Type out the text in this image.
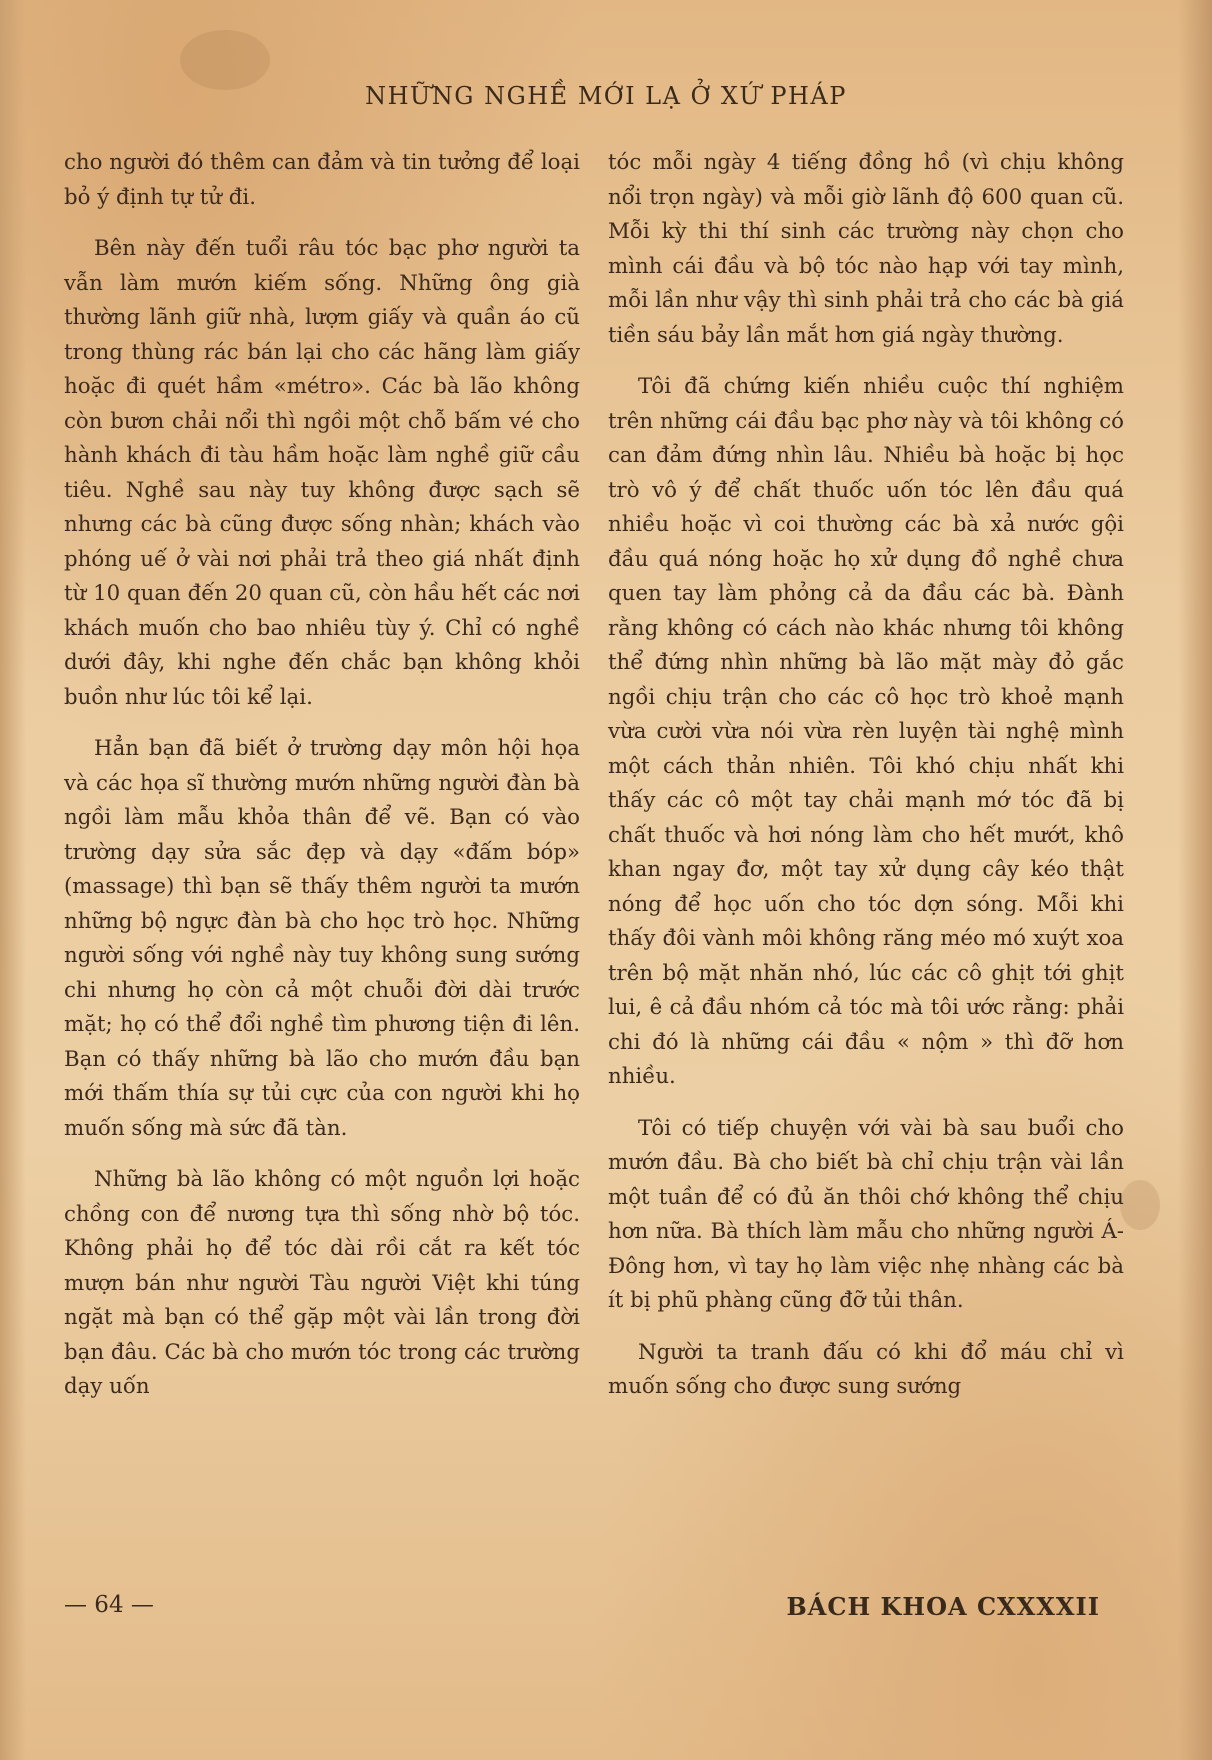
NHỮNG NGHỀ MỚI LẠ Ở XỨ PHÁP

cho người đó thêm can đảm và tin tưởng để loại bỏ ý định tự tử đi.

Bên này đến tuổi râu tóc bạc phơ người ta vẫn làm mướn kiếm sống. Những ông già thường lãnh giữ nhà, lượm giấy và quần áo cũ trong thùng rác bán lại cho các hãng làm giấy hoặc đi quét hầm «métro». Các bà lão không còn bươn chải nổi thì ngồi một chỗ bấm vé cho hành khách đi tàu hầm hoặc làm nghề giữ cầu tiêu. Nghề sau này tuy không được sạch sẽ nhưng các bà cũng được sống nhàn; khách vào phóng uế ở vài nơi phải trả theo giá nhất định từ 10 quan đến 20 quan cũ, còn hầu hết các nơi khách muốn cho bao nhiêu tùy ý. Chỉ có nghề dưới đây, khi nghe đến chắc bạn không khỏi buồn như lúc tôi kể lại.

Hẳn bạn đã biết ở trường dạy môn hội họa và các họa sĩ thường mướn những người đàn bà ngồi làm mẫu khỏa thân để vẽ. Bạn có vào trường dạy sửa sắc đẹp và dạy «đấm bóp» (massage) thì bạn sẽ thấy thêm người ta mướn những bộ ngực đàn bà cho học trò học. Những người sống với nghề này tuy không sung sướng chi nhưng họ còn cả một chuỗi đời dài trước mặt; họ có thể đổi nghề tìm phương tiện đi lên. Bạn có thấy những bà lão cho mướn đầu bạn mới thấm thía sự tủi cực của con người khi họ muốn sống mà sức đã tàn.

Những bà lão không có một nguồn lợi hoặc chồng con để nương tựa thì sống nhờ bộ tóc. Không phải họ để tóc dài rồi cắt ra kết tóc mượn bán như người Tàu người Việt khi túng ngặt mà bạn có thể gặp một vài lần trong đời bạn đâu. Các bà cho mướn tóc trong các trường dạy uốn

tóc mỗi ngày 4 tiếng đồng hồ (vì chịu không nổi trọn ngày) và mỗi giờ lãnh độ 600 quan cũ. Mỗi kỳ thi thí sinh các trường này chọn cho mình cái đầu và bộ tóc nào hạp với tay mình, mỗi lần như vậy thì sinh phải trả cho các bà giá tiền sáu bảy lần mắt hơn giá ngày thường.

Tôi đã chứng kiến nhiều cuộc thí nghiệm trên những cái đầu bạc phơ này và tôi không có can đảm đứng nhìn lâu. Nhiều bà hoặc bị học trò vô ý để chất thuốc uốn tóc lên đầu quá nhiều hoặc vì coi thường các bà xả nước gội đầu quá nóng hoặc họ xử dụng đồ nghề chưa quen tay làm phỏng cả da đầu các bà. Đành rằng không có cách nào khác nhưng tôi không thể đứng nhìn những bà lão mặt mày đỏ gắc ngồi chịu trận cho các cô học trò khoẻ mạnh vừa cười vừa nói vừa rèn luyện tài nghệ mình một cách thản nhiên. Tôi khó chịu nhất khi thấy các cô một tay chải mạnh mớ tóc đã bị chất thuốc và hơi nóng làm cho hết mướt, khô khan ngay đơ, một tay xử dụng cây kéo thật nóng để học uốn cho tóc dợn sóng. Mỗi khi thấy đôi vành môi không răng méo mó xuýt xoa trên bộ mặt nhăn nhó, lúc các cô ghịt tới ghịt lui, ê cả đầu nhóm cả tóc mà tôi ước rằng: phải chi đó là những cái đầu « nộm » thì đỡ hơn nhiều.

Tôi có tiếp chuyện với vài bà sau buổi cho mướn đầu. Bà cho biết bà chỉ chịu trận vài lần một tuần để có đủ ăn thôi chớ không thể chịu hơn nữa. Bà thích làm mẫu cho những người Á-Đông hơn, vì tay họ làm việc nhẹ nhàng các bà ít bị phũ phàng cũng đỡ tủi thân.

Người ta tranh đấu có khi đổ máu chỉ vì muốn sống cho được sung sướng

— 64 —	BÁCH KHOA CXXXXII
